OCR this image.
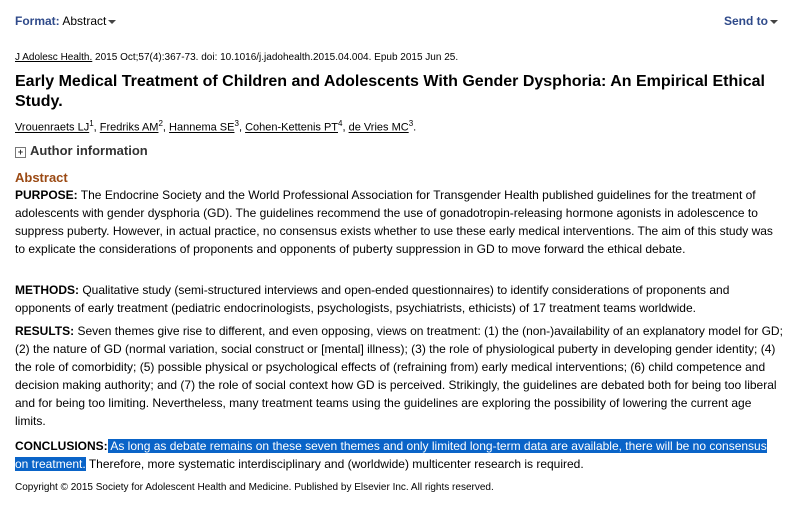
Format: Abstract	Send to
J Adolesc Health. 2015 Oct;57(4):367-73. doi: 10.1016/j.jadohealth.2015.04.004. Epub 2015 Jun 25.
Early Medical Treatment of Children and Adolescents With Gender Dysphoria: An Empirical Ethical Study.
Vrouenraets $LJ^1$, Fredriks $AM^2$, Hannema $SE^3$, Cohen-Kettenis $PT^4$, de Vries $MC^3$.
+ Author information
Abstract
PURPOSE: The Endocrine Society and the World Professional Association for Transgender Health published guidelines for the treatment of adolescents with gender dysphoria (GD). The guidelines recommend the use of gonadotropin-releasing hormone agonists in adolescence to suppress puberty. However, in actual practice, no consensus exists whether to use these early medical interventions. The aim of this study was to explicate the considerations of proponents and opponents of puberty suppression in GD to move forward the ethical debate.
METHODS: Qualitative study (semi-structured interviews and open-ended questionnaires) to identify considerations of proponents and opponents of early treatment (pediatric endocrinologists, psychologists, psychiatrists, ethicists) of 17 treatment teams worldwide.
RESULTS: Seven themes give rise to different, and even opposing, views on treatment: (1) the (non-)availability of an explanatory model for GD; (2) the nature of GD (normal variation, social construct or [mental] illness); (3) the role of physiological puberty in developing gender identity; (4) the role of comorbidity; (5) possible physical or psychological effects of (refraining from) early medical interventions; (6) child competence and decision making authority; and (7) the role of social context how GD is perceived. Strikingly, the guidelines are debated both for being too liberal and for being too limiting. Nevertheless, many treatment teams using the guidelines are exploring the possibility of lowering the current age limits.
CONCLUSIONS: As long as debate remains on these seven themes and only limited long-term data are available, there will be no consensus on treatment. Therefore, more systematic interdisciplinary and (worldwide) multicenter research is required.
Copyright © 2015 Society for Adolescent Health and Medicine. Published by Elsevier Inc. All rights reserved.
